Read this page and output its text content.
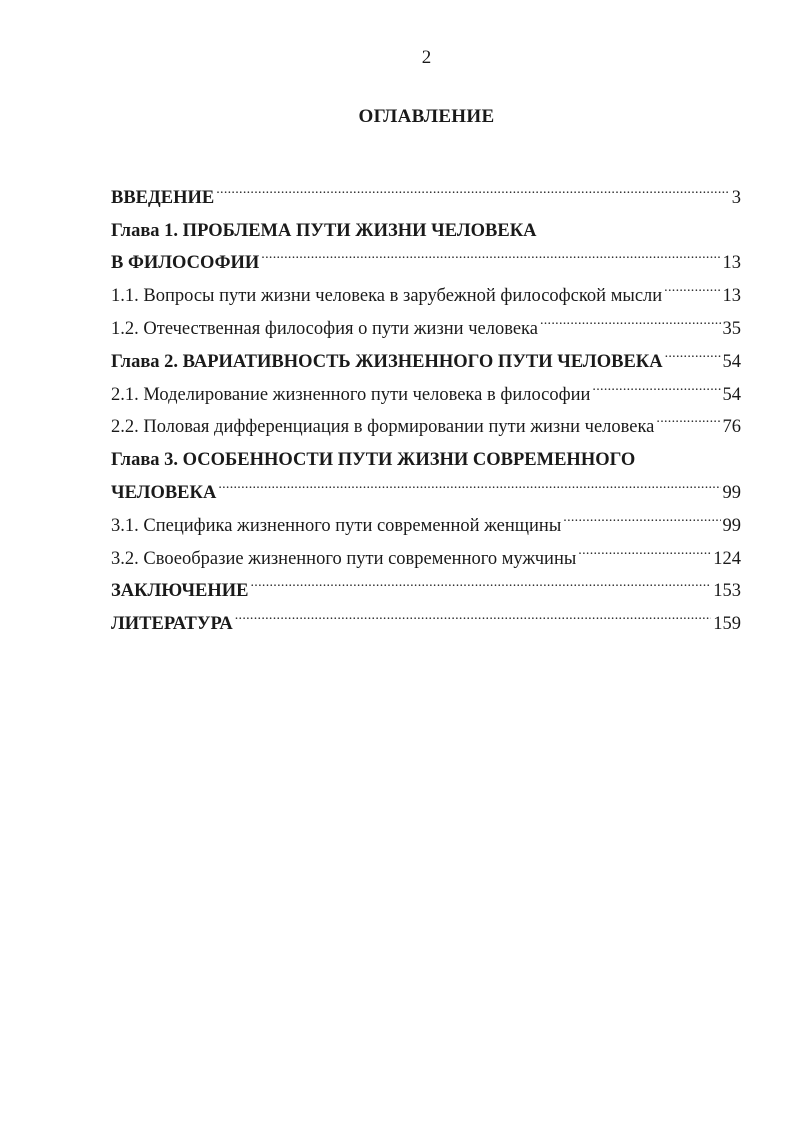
2
ОГЛАВЛЕНИЕ
ВВЕДЕНИЕ .....	3
Глава 1. ПРОБЛЕМА ПУТИ ЖИЗНИ ЧЕЛОВЕКА
В ФИЛОСОФИИ .....	13
1.1. Вопросы пути жизни человека в зарубежной философской мысли .....	13
1.2. Отечественная философия о пути жизни человека .....	35
Глава 2. ВАРИАТИВНОСТЬ ЖИЗНЕННОГО ПУТИ ЧЕЛОВЕКА .....	54
2.1. Моделирование жизненного пути человека в философии .....	54
2.2. Половая дифференциация в формировании пути жизни человека .....	76
Глава 3. ОСОБЕННОСТИ ПУТИ ЖИЗНИ СОВРЕМЕННОГО
ЧЕЛОВЕКА .....	99
3.1. Специфика жизненного пути современной женщины .....	99
3.2. Своеобразие жизненного пути современного мужчины .....	124
ЗАКЛЮЧЕНИЕ .....	153
ЛИТЕРАТУРА .....	159
